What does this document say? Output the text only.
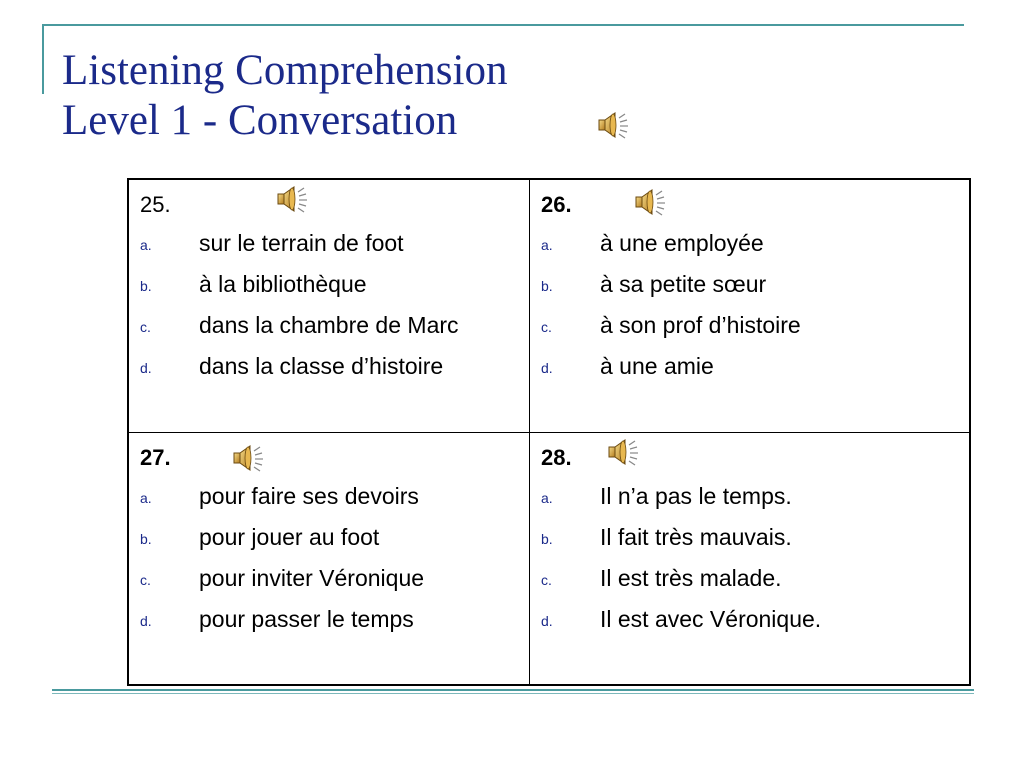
Listening Comprehension
Level 1 - Conversation
25.
a. sur le terrain de foot
b. à la bibliothèque
c. dans la chambre de Marc
d. dans la classe d’histoire
26.
a. à une employée
b. à sa petite sœur
c. à son prof d’histoire
d. à une amie
27.
a. pour faire ses devoirs
b. pour jouer au foot
c. pour inviter Véronique
d. pour passer le temps
28.
a. Il n’a pas le temps.
b. Il fait très mauvais.
c. Il est très malade.
d. Il est avec Véronique.
